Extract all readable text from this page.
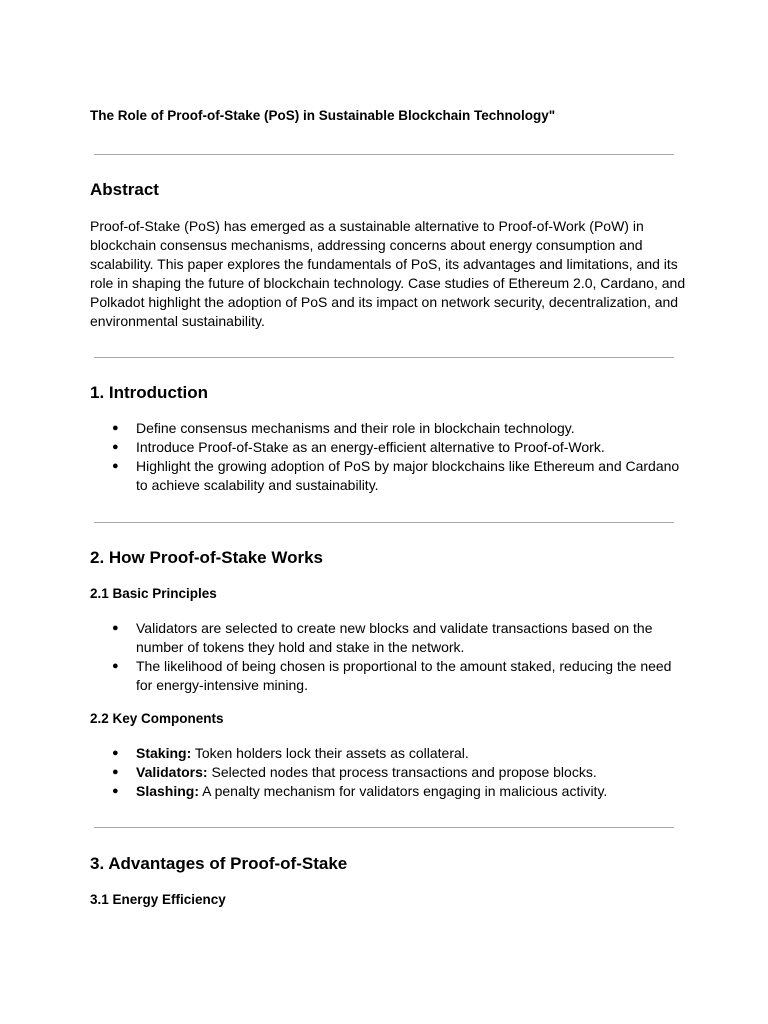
The Role of Proof-of-Stake (PoS) in Sustainable Blockchain Technology"

Abstract

Proof-of-Stake (PoS) has emerged as a sustainable alternative to Proof-of-Work (PoW) in blockchain consensus mechanisms, addressing concerns about energy consumption and scalability. This paper explores the fundamentals of PoS, its advantages and limitations, and its role in shaping the future of blockchain technology. Case studies of Ethereum 2.0, Cardano, and Polkadot highlight the adoption of PoS and its impact on network security, decentralization, and environmental sustainability.

1. Introduction
● Define consensus mechanisms and their role in blockchain technology.
● Introduce Proof-of-Stake as an energy-efficient alternative to Proof-of-Work.
● Highlight the growing adoption of PoS by major blockchains like Ethereum and Cardano to achieve scalability and sustainability.
2. How Proof-of-Stake Works
2.1 Basic Principles
● Validators are selected to create new blocks and validate transactions based on the number of tokens they hold and stake in the network.
● The likelihood of being chosen is proportional to the amount staked, reducing the need for energy-intensive mining.
2.2 Key Components
● Staking: Token holders lock their assets as collateral.
● Validators: Selected nodes that process transactions and propose blocks.
● Slashing: A penalty mechanism for validators engaging in malicious activity.
3. Advantages of Proof-of-Stake
3.1 Energy Efficiency
